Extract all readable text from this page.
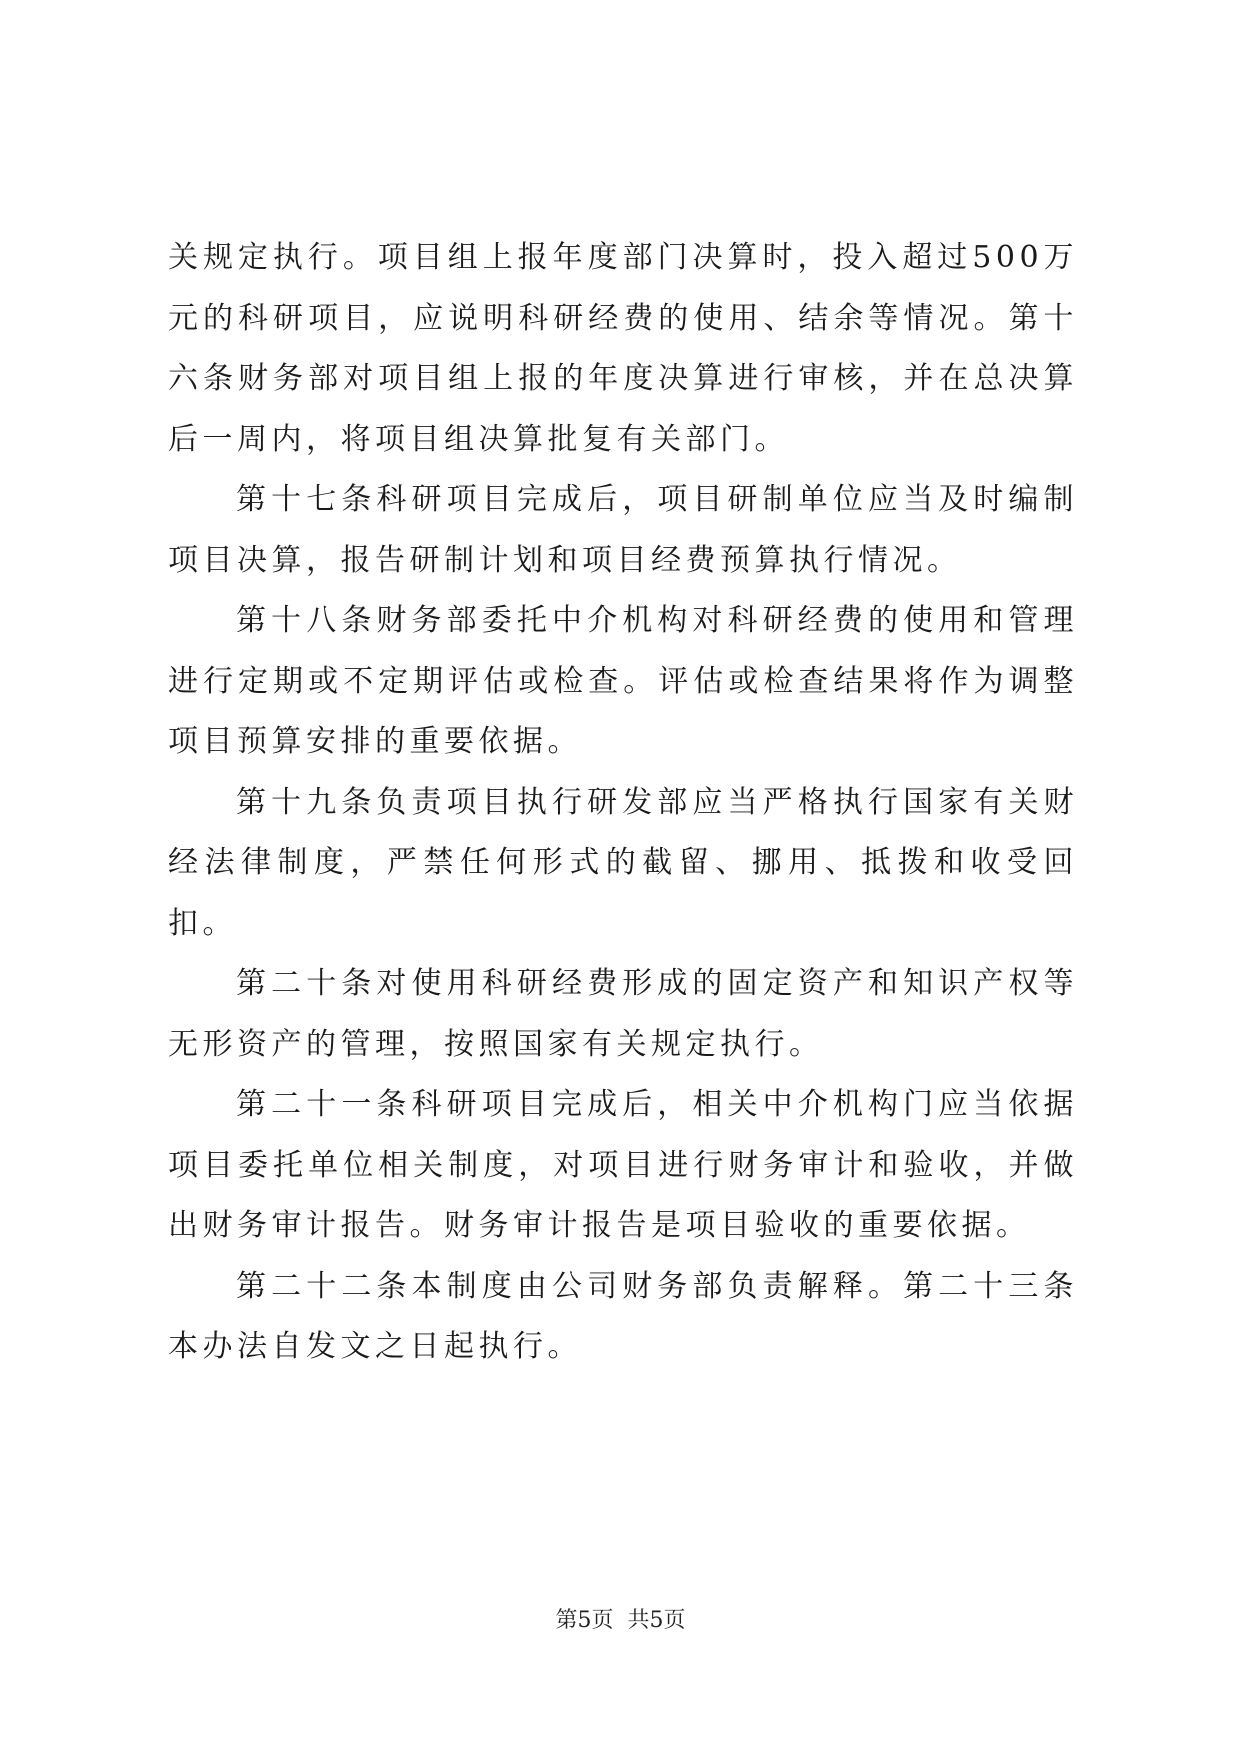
关规定执行。项目组上报年度部门决算时，投入超过500万元的科研项目，应说明科研经费的使用、结余等情况。第十六条财务部对项目组上报的年度决算进行审核，并在总决算后一周内，将项目组决算批复有关部门。

第十七条科研项目完成后，项目研制单位应当及时编制项目决算，报告研制计划和项目经费预算执行情况。

第十八条财务部委托中介机构对科研经费的使用和管理进行定期或不定期评估或检查。评估或检查结果将作为调整项目预算安排的重要依据。

第十九条负责项目执行研发部应当严格执行国家有关财经法律制度，严禁任何形式的截留、挪用、抵拨和收受回扣。

第二十条对使用科研经费形成的固定资产和知识产权等无形资产的管理，按照国家有关规定执行。

第二十一条科研项目完成后，相关中介机构门应当依据项目委托单位相关制度，对项目进行财务审计和验收，并做出财务审计报告。财务审计报告是项目验收的重要依据。

第二十二条本制度由公司财务部负责解释。第二十三条本办法自发文之日起执行。

第5页 共5页
